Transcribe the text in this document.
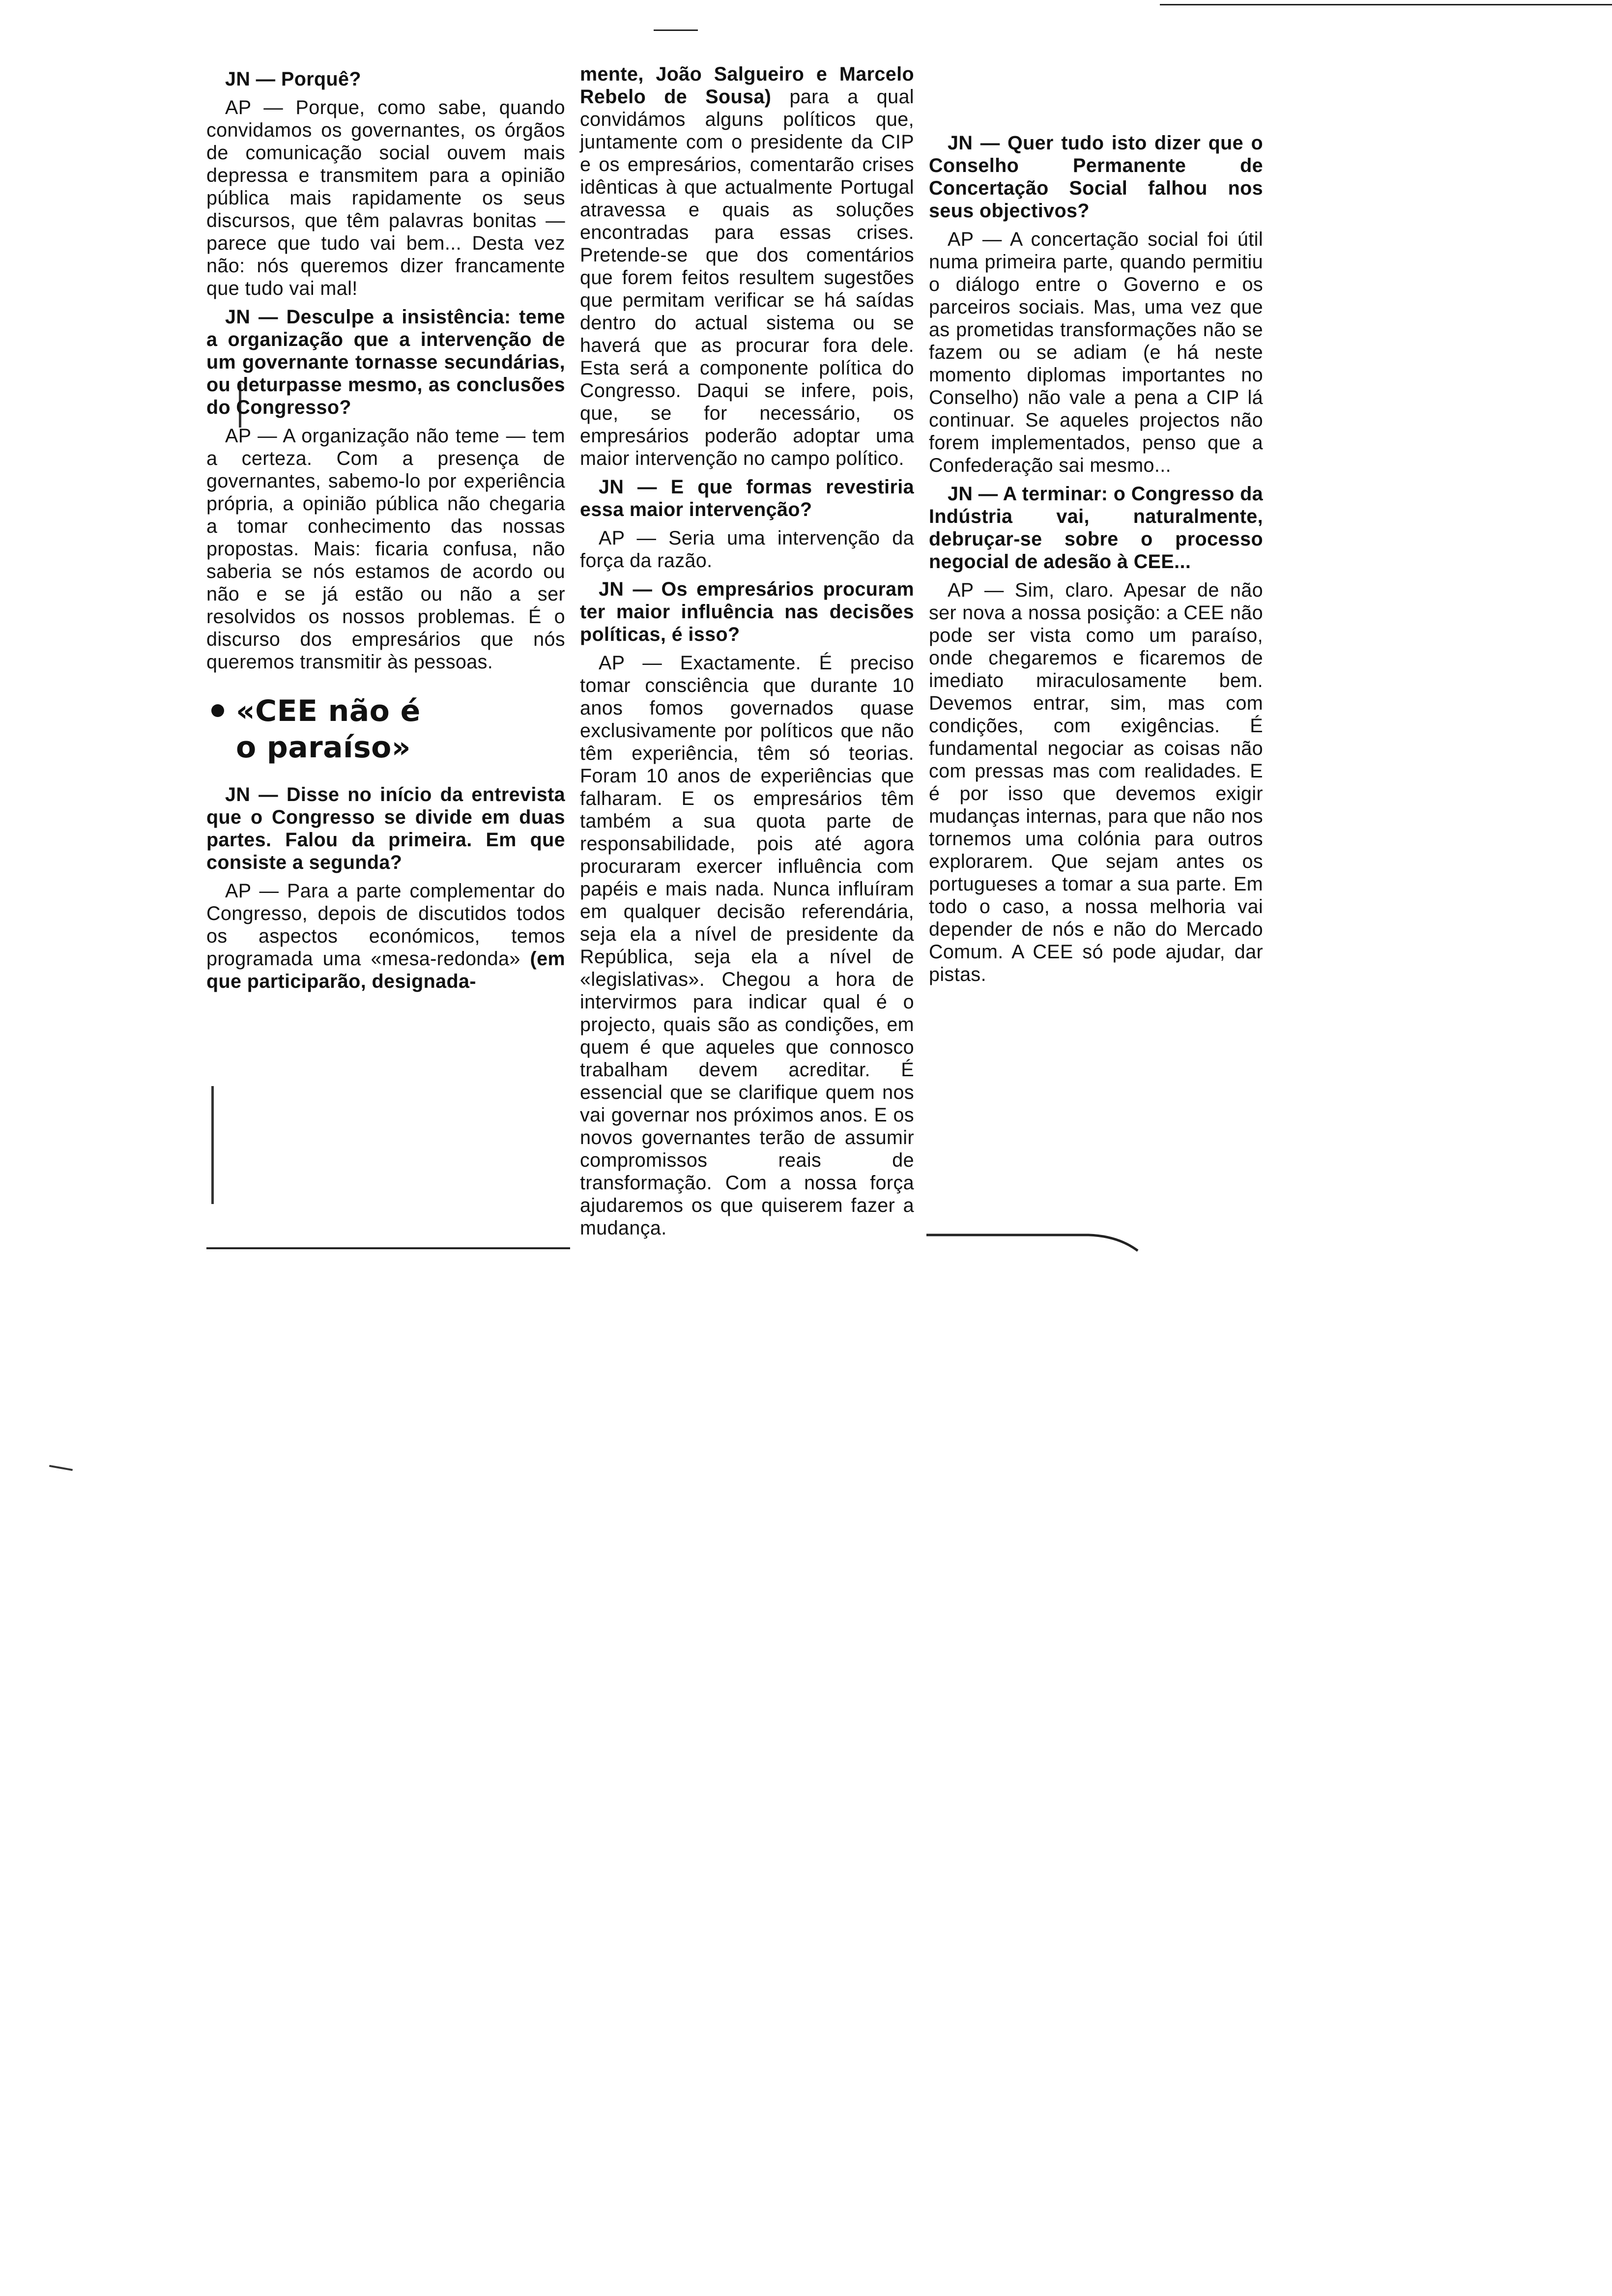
JN — Porquê?

AP — Porque, como sabe, quando convidamos os governantes, os órgãos de comunicação social ouvem mais depressa e transmitem para a opinião pública mais rapidamente os seus discursos, que têm palavras bonitas — parece que tudo vai bem... Desta vez não: nós queremos dizer francamente que tudo vai mal!

JN — Desculpe a insistência: teme a organização que a intervenção de um governante tornasse secundárias, ou deturpasse mesmo, as conclusões do Congresso?

AP — A organização não teme — tem a certeza. Com a presença de governantes, sabemo-lo por experiência própria, a opinião pública não chegaria a tomar conhecimento das nossas propostas. Mais: ficaria confusa, não saberia se nós estamos de acordo ou não e se já estão ou não a ser resolvidos os nossos problemas. É o discurso dos empresários que nós queremos transmitir às pessoas.

«CEE não é
o paraíso»

JN — Disse no início da entrevista que o Congresso se divide em duas partes. Falou da primeira. Em que consiste a segunda?

AP — Para a parte complementar do Congresso, depois de discutidos todos os aspectos económicos, temos programada uma «mesa-redonda» (em que participarão, designada-

mente, João Salgueiro e Marcelo Rebelo de Sousa) para a qual convidámos alguns políticos que, juntamente com o presidente da CIP e os empresários, comentarão crises idênticas à que actualmente Portugal atravessa e quais as soluções encontradas para essas crises. Pretende-se que dos comentários que forem feitos resultem sugestões que permitam verificar se há saídas dentro do actual sistema ou se haverá que as procurar fora dele. Esta será a componente política do Congresso. Daqui se infere, pois, que, se for necessário, os empresários poderão adoptar uma maior intervenção no campo político.

JN — E que formas revestiria essa maior intervenção?

AP — Seria uma intervenção da força da razão.

JN — Os empresários procuram ter maior influência nas decisões políticas, é isso?

AP — Exactamente. É preciso tomar consciência que durante 10 anos fomos governados quase exclusivamente por políticos que não têm experiência, têm só teorias. Foram 10 anos de experiências que falharam. E os empresários têm também a sua quota parte de responsabilidade, pois até agora procuraram exercer influência com papéis e mais nada. Nunca influíram em qualquer decisão referendária, seja ela a nível de presidente da República, seja ela a nível de «legislativas». Chegou a hora de intervirmos para indicar qual é o projecto, quais são as condições, em quem é que aqueles que connosco trabalham devem acreditar. É essencial que se clarifique quem nos vai governar nos próximos anos. E os novos governantes terão de assumir compromissos reais de transformação. Com a nossa força ajudaremos os que quiserem fazer a mudança.

JN — Quer tudo isto dizer que o Conselho Permanente de Concertação Social falhou nos seus objectivos?

AP — A concertação social foi útil numa primeira parte, quando permitiu o diálogo entre o Governo e os parceiros sociais. Mas, uma vez que as prometidas transformações não se fazem ou se adiam (e há neste momento diplomas importantes no Conselho) não vale a pena a CIP lá continuar. Se aqueles projectos não forem implementados, penso que a Confederação sai mesmo...

JN — A terminar: o Congresso da Indústria vai, naturalmente, debruçar-se sobre o processo negocial de adesão à CEE...

AP — Sim, claro. Apesar de não ser nova a nossa posição: a CEE não pode ser vista como um paraíso, onde chegaremos e ficaremos de imediato miraculosamente bem. Devemos entrar, sim, mas com condições, com exigências. É fundamental negociar as coisas não com pressas mas com realidades. E é por isso que devemos exigir mudanças internas, para que não nos tornemos uma colónia para outros explorarem. Que sejam antes os portugueses a tomar a sua parte. Em todo o caso, a nossa melhoria vai depender de nós e não do Mercado Comum. A CEE só pode ajudar, dar pistas.
